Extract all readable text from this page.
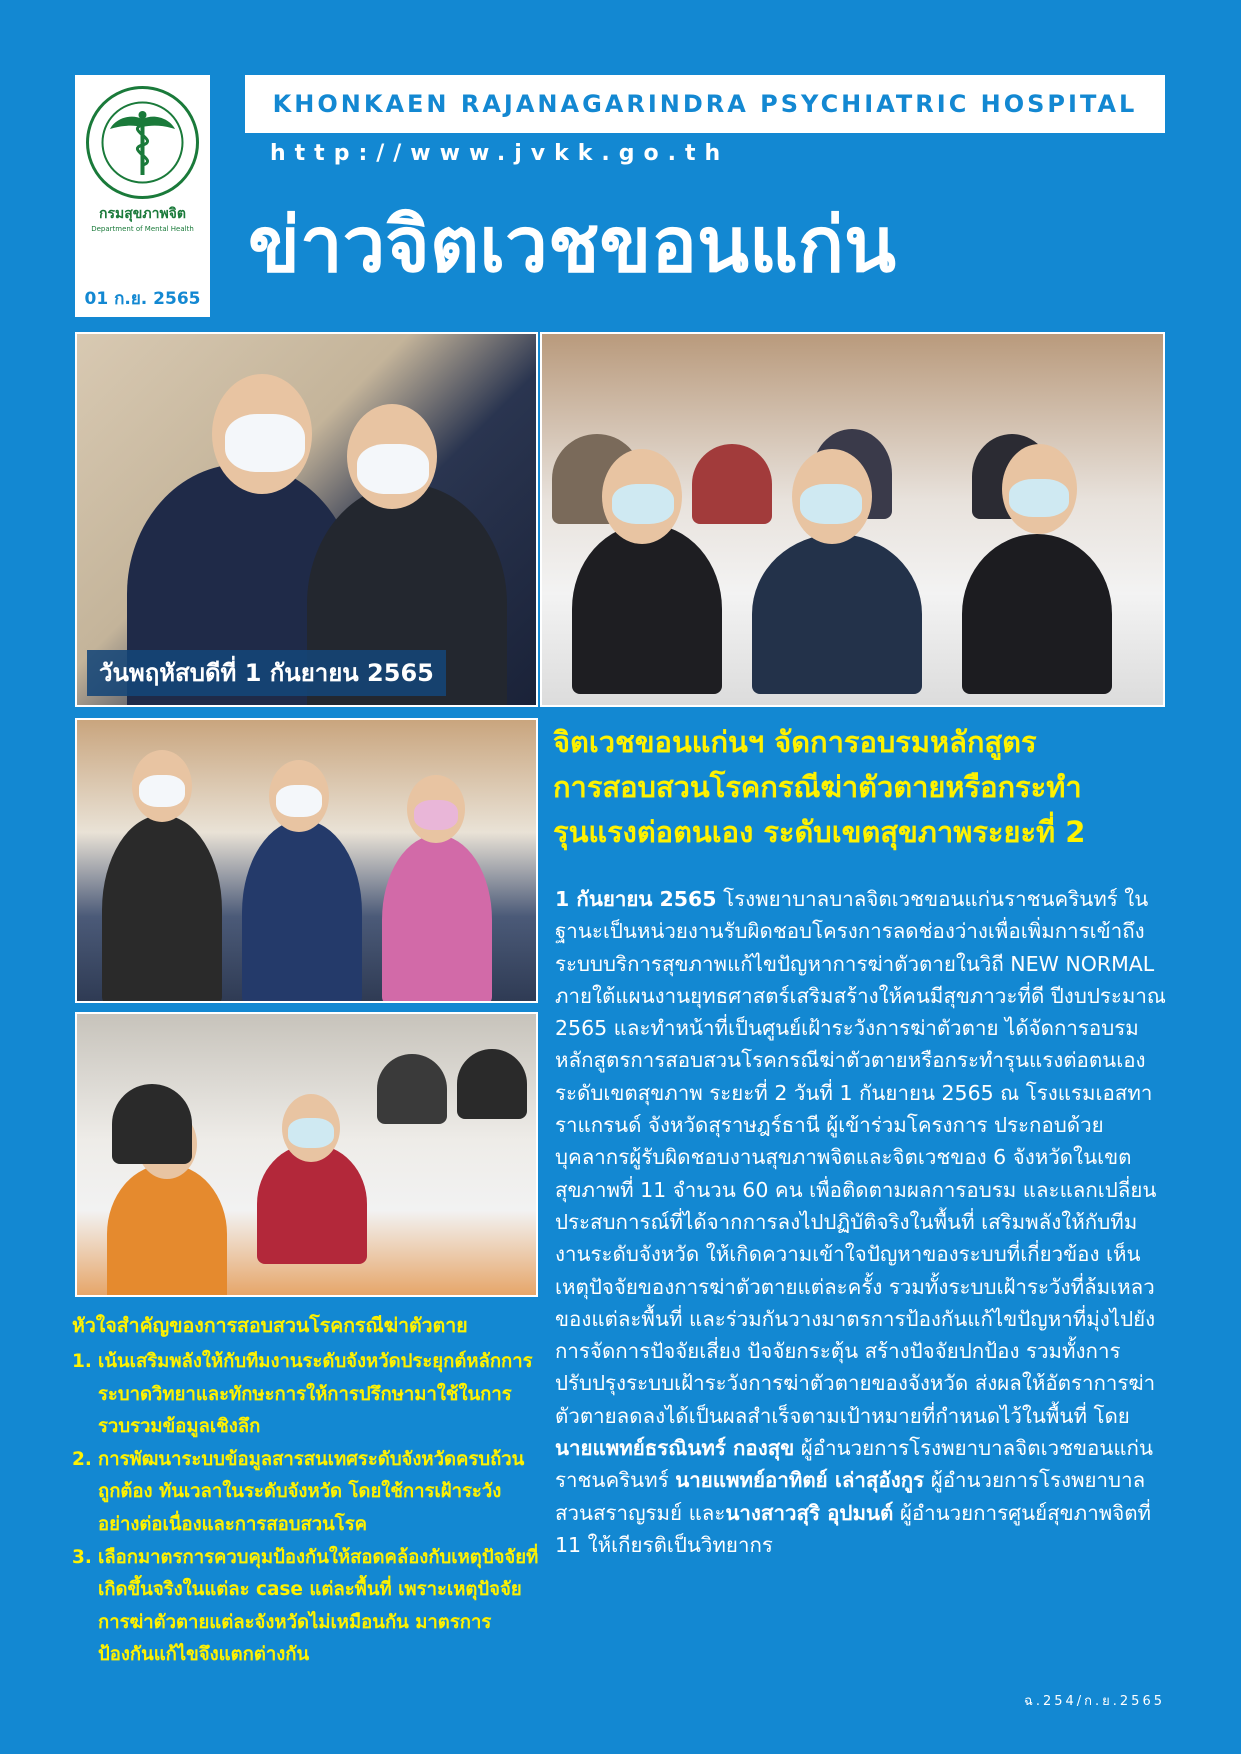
กรมสุขภาพจิต
Department of Mental Health
01 ก.ย. 2565
KHONKAEN RAJANAGARINDRA PSYCHIATRIC HOSPITAL
http://www.jvkk.go.th
ข่าวจิตเวชขอนแก่น
วันพฤหัสบดีที่ 1 กันยายน 2565
จิตเวชขอนแก่นฯ จัดการอบรมหลักสูตร
การสอบสวนโรคกรณีฆ่าตัวตายหรือกระทำ
รุนแรงต่อตนเอง ระดับเขตสุขภาพระยะที่ 2
1 กันยายน 2565 โรงพยาบาลบาลจิตเวชขอนแก่นราชนครินทร์ ในฐานะเป็นหน่วยงานรับผิดชอบโครงการลดช่องว่างเพื่อเพิ่มการเข้าถึงระบบบริการสุขภาพแก้ไขปัญหาการฆ่าตัวตายในวิถี NEW NORMAL ภายใต้แผนงานยุทธศาสตร์เสริมสร้างให้คนมีสุขภาวะที่ดี ปีงบประมาณ 2565 และทำหน้าที่เป็นศูนย์เฝ้าระวังการฆ่าตัวตาย ได้จัดการอบรมหลักสูตรการสอบสวนโรคกรณีฆ่าตัวตายหรือกระทำรุนแรงต่อตนเอง ระดับเขตสุขภาพ ระยะที่ 2 วันที่ 1 กันยายน 2565 ณ โรงแรมเอสทาราแกรนด์ จังหวัดสุราษฎร์ธานี ผู้เข้าร่วมโครงการ ประกอบด้วย บุคลากรผู้รับผิดชอบงานสุขภาพจิตและจิตเวชของ 6 จังหวัดในเขตสุขภาพที่ 11 จำนวน 60 คน เพื่อติดตามผลการอบรม และแลกเปลี่ยนประสบการณ์ที่ได้จากการลงไปปฏิบัติจริงในพื้นที่ เสริมพลังให้กับทีมงานระดับจังหวัด ให้เกิดความเข้าใจปัญหาของระบบที่เกี่ยวข้อง เห็นเหตุปัจจัยของการฆ่าตัวตายแต่ละครั้ง รวมทั้งระบบเฝ้าระวังที่ล้มเหลวของแต่ละพื้นที่ และร่วมกันวางมาตรการป้องกันแก้ไขปัญหาที่มุ่งไปยังการจัดการปัจจัยเสี่ยง ปัจจัยกระตุ้น สร้างปัจจัยปกป้อง รวมทั้งการปรับปรุงระบบเฝ้าระวังการฆ่าตัวตายของจังหวัด ส่งผลให้อัตราการฆ่าตัวตายลดลงได้เป็นผลสำเร็จตามเป้าหมายที่กำหนดไว้ในพื้นที่ โดย นายแพทย์ธรณินทร์ กองสุข ผู้อำนวยการโรงพยาบาลจิตเวชขอนแก่นราชนครินทร์ นายแพทย์อาทิตย์ เล่าสุอังกูร ผู้อำนวยการโรงพยาบาลสวนสราญรมย์ และนางสาวสุริ อุปมนต์ ผู้อำนวยการศูนย์สุขภาพจิตที่ 11 ให้เกียรติเป็นวิทยากร
หัวใจสำคัญของการสอบสวนโรคกรณีฆ่าตัวตาย
1. เน้นเสริมพลังให้กับทีมงานระดับจังหวัดประยุกต์หลักการระบาดวิทยาและทักษะการให้การปรึกษามาใช้ในการรวบรวมข้อมูลเชิงลึก
2. การพัฒนาระบบข้อมูลสารสนเทศระดับจังหวัดครบถ้วน ถูกต้อง ทันเวลาในระดับจังหวัด โดยใช้การเฝ้าระวังอย่างต่อเนื่องและการสอบสวนโรค
3. เลือกมาตรการควบคุมป้องกันให้สอดคล้องกับเหตุปัจจัยที่เกิดขึ้นจริงในแต่ละ case แต่ละพื้นที่ เพราะเหตุปัจจัยการฆ่าตัวตายแต่ละจังหวัดไม่เหมือนกัน มาตรการป้องกันแก้ไขจึงแตกต่างกัน
ฉ.254/ก.ย.2565
